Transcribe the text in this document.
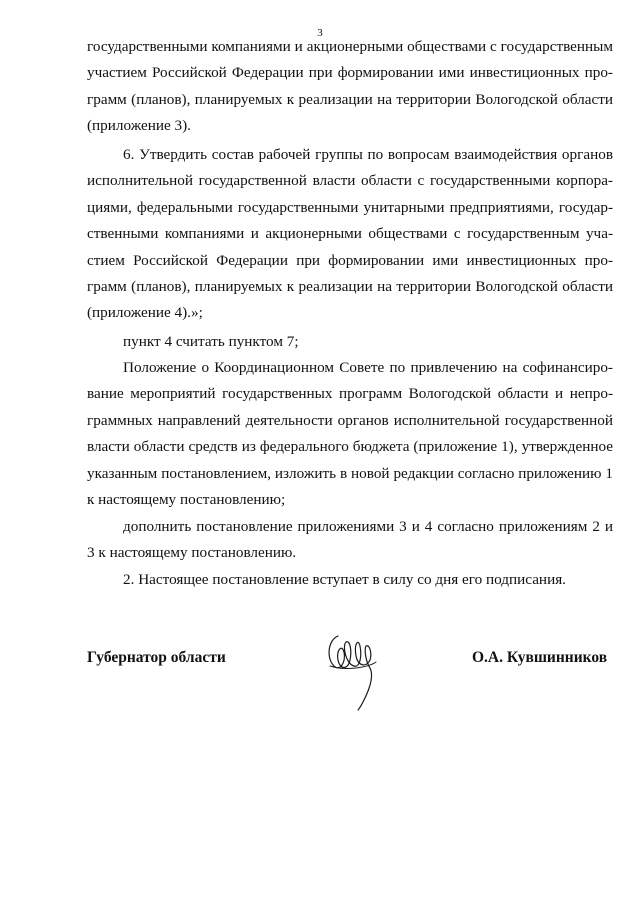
3
государственными компаниями и акционерными обществами с государственным
участием Российской Федерации при формировании ими инвестиционных про-
грамм (планов), планируемых к реализации на территории Вологодской области
(приложение 3).
6. Утвердить состав рабочей группы по вопросам взаимодействия органов
исполнительной государственной власти области с государственными корпора-
циями, федеральными государственными унитарными предприятиями, государ-
ственными компаниями и акционерными обществами с государственным уча-
стием Российской Федерации при формировании ими инвестиционных про-
грамм (планов), планируемых к реализации на территории Вологодской области
(приложение 4).»;
пункт 4 считать пунктом 7;
Положение о Координационном Совете по привлечению на софинансиро-
вание мероприятий государственных программ Вологодской области и непро-
граммных направлений деятельности органов исполнительной государственной
власти области средств из федерального бюджета (приложение 1), утвержденное
указанным постановлением, изложить в новой редакции согласно приложению 1
к настоящему постановлению;
дополнить постановление приложениями 3 и 4 согласно приложениям 2 и
3 к настоящему постановлению.
2. Настоящее постановление вступает в силу со дня его подписания.
Губернатор области	О.А. Кувшинников
